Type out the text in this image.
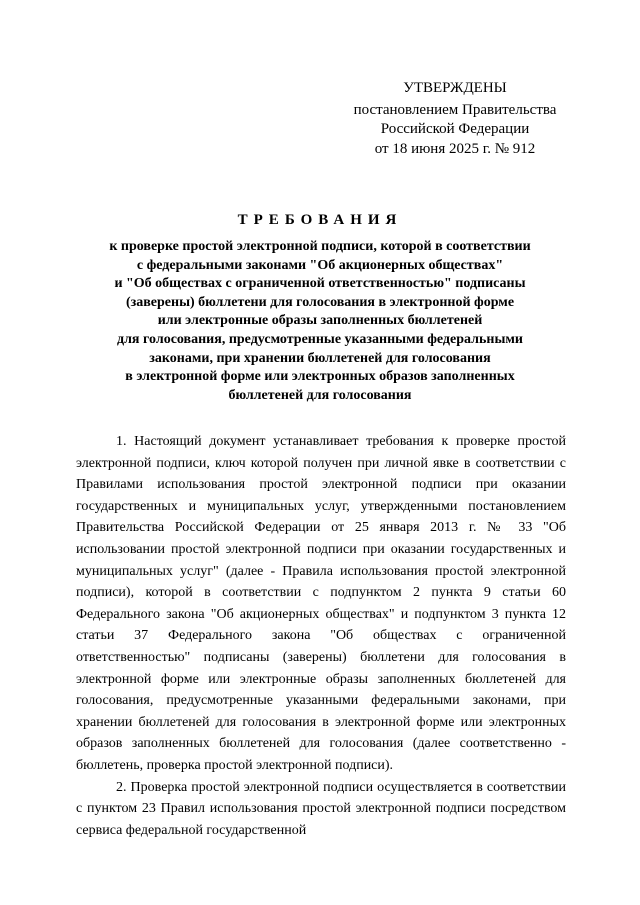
УТВЕРЖДЕНЫ
постановлением Правительства
Российской Федерации
от 18 июня 2025 г. № 912
ТРЕБОВАНИЯ
к проверке простой электронной подписи, которой в соответствии
с федеральными законами "Об акционерных обществах"
и "Об обществах с ограниченной ответственностью" подписаны
(заверены) бюллетени для голосования в электронной форме
или электронные образы заполненных бюллетеней
для голосования, предусмотренные указанными федеральными
законами, при хранении бюллетеней для голосования
в электронной форме или электронных образов заполненных
бюллетеней для голосования

1. Настоящий документ устанавливает требования к проверке простой электронной подписи, ключ которой получен при личной явке в соответствии с Правилами использования простой электронной подписи при оказании государственных и муниципальных услуг, утвержденными постановлением Правительства Российской Федерации от 25 января 2013 г. № 33 "Об использовании простой электронной подписи при оказании государственных и муниципальных услуг" (далее - Правила использования простой электронной подписи), которой в соответствии с подпунктом 2 пункта 9 статьи 60 Федерального закона "Об акционерных обществах" и подпунктом 3 пункта 12 статьи 37 Федерального закона "Об обществах с ограниченной ответственностью" подписаны (заверены) бюллетени для голосования в электронной форме или электронные образы заполненных бюллетеней для голосования, предусмотренные указанными федеральными законами, при хранении бюллетеней для голосования в электронной форме или электронных образов заполненных бюллетеней для голосования (далее соответственно - бюллетень, проверка простой электронной подписи).

2. Проверка простой электронной подписи осуществляется в соответствии с пунктом 23 Правил использования простой электронной подписи посредством сервиса федеральной государственной
